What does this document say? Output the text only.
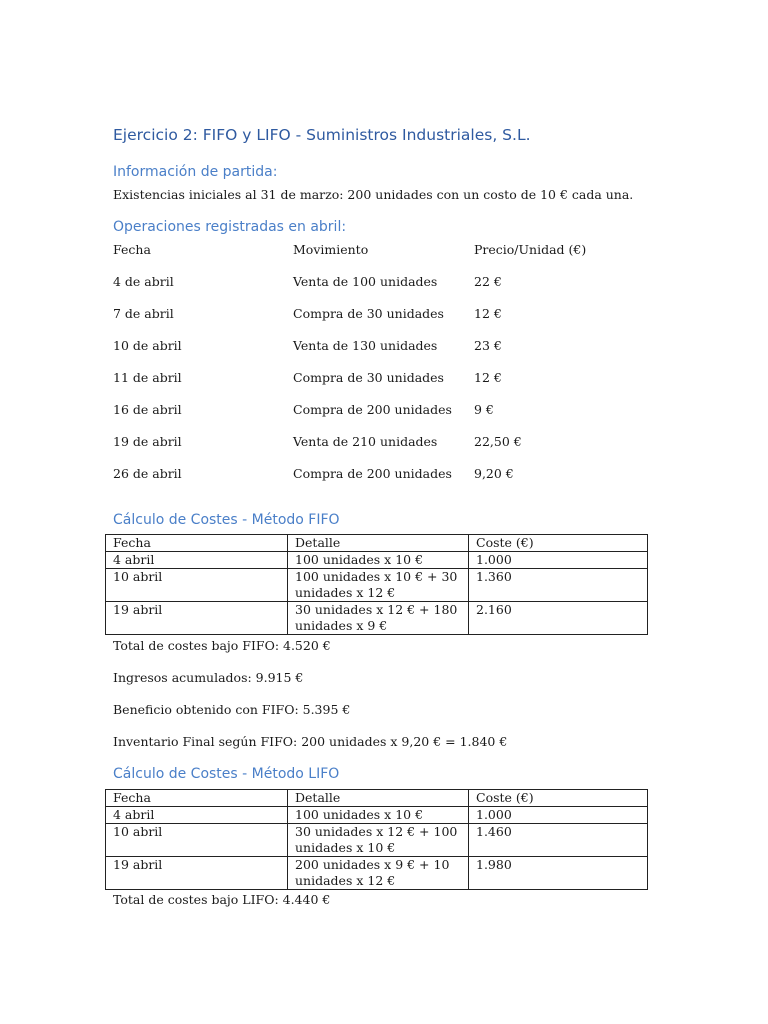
Ejercicio 2: FIFO y LIFO - Suministros Industriales, S.L.
Información de partida:
Existencias iniciales al 31 de marzo: 200 unidades con un costo de 10 € cada una.
Operaciones registradas en abril:
Fecha	Movimiento	Precio/Unidad (€)
4 de abril	Venta de 100 unidades	22 €
7 de abril	Compra de 30 unidades 12 €
10 de abril	Venta de 130 unidades	23 €
11 de abril	Compra de 30 unidades 12 €
16 de abril	Compra de 200 unidades 9 €
19 de abril	Venta de 210 unidades	22,50 €
26 de abril	Compra de 200 unidades 9,20 €
Cálculo de Costes - Método FIFO
Fecha	Detalle	Coste (€)
4 abril	100 unidades x 10 €	1.000
10 abril	100 unidades x 10 € + 30 unidades x 12 €	1.360
19 abril	30 unidades x 12 € + 180 unidades x 9 €	2.160
Total de costes bajo FIFO: 4.520 €
Ingresos acumulados: 9.915 €
Beneficio obtenido con FIFO: 5.395 €
Inventario Final según FIFO: 200 unidades x 9,20 € = 1.840 €
Cálculo de Costes - Método LIFO
Fecha	Detalle	Coste (€)
4 abril	100 unidades x 10 €	1.000
10 abril	30 unidades x 12 € + 100 unidades x 10 €	1.460
19 abril	200 unidades x 9 € + 10 unidades x 12 €	1.980
Total de costes bajo LIFO: 4.440 €
